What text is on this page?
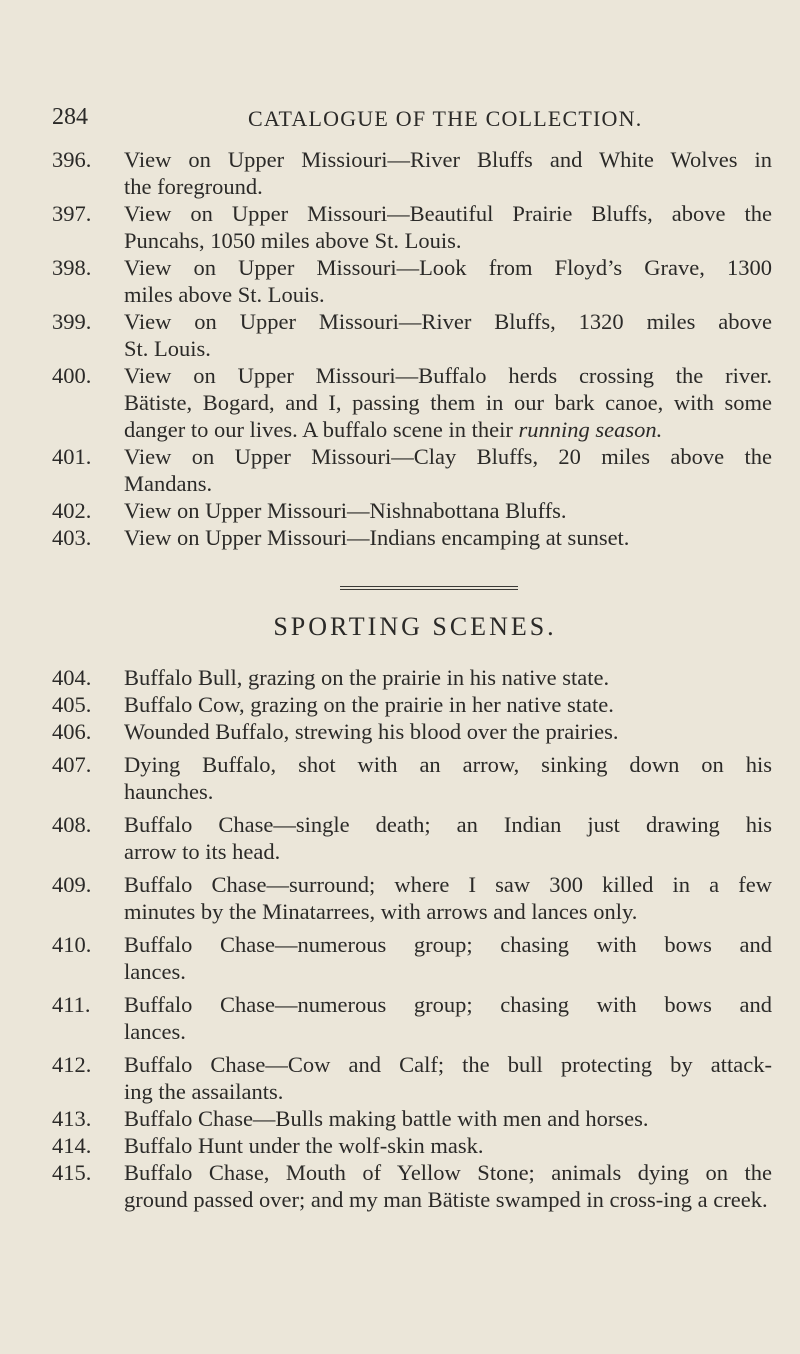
284	CATALOGUE OF THE COLLECTION.
396. View on Upper Missiouri—River Bluffs and White Wolves in
the foreground.
397. View on Upper Missouri—Beautiful Prairie Bluffs, above the
Puncahs, 1050 miles above St. Louis.
398. View on Upper Missouri—Look from Floyd’s Grave, 1300
miles above St. Louis.
399. View on Upper Missouri—River Bluffs, 1320 miles above
St. Louis.
400. View on Upper Missouri—Buffalo herds crossing the river.
Bätiste, Bogard, and I, passing them in our bark canoe, with some danger to our lives. A buffalo scene in their running season.
401. View on Upper Missouri—Clay Bluffs, 20 miles above the
Mandans.
402. View on Upper Missouri—Nishnabottana Bluffs.
403. View on Upper Missouri—Indians encamping at sunset.
SPORTING SCENES.
404. Buffalo Bull, grazing on the prairie in his native state.
405. Buffalo Cow, grazing on the prairie in her native state.
406. Wounded Buffalo, strewing his blood over the prairies.
407. Dying Buffalo, shot with an arrow, sinking down on his
haunches.
408. Buffalo Chase—single death; an Indian just drawing his
arrow to its head.
409. Buffalo Chase—surround; where I saw 300 killed in a few
minutes by the Minatarrees, with arrows and lances only.
410. Buffalo Chase—numerous group; chasing with bows and
lances.
411. Buffalo Chase—numerous group; chasing with bows and
lances.
412. Buffalo Chase—Cow and Calf; the bull protecting by attack-
ing the assailants.
413. Buffalo Chase—Bulls making battle with men and horses.
414. Buffalo Hunt under the wolf-skin mask.
415. Buffalo Chase, Mouth of Yellow Stone; animals dying on the
ground passed over; and my man Bätiste swamped in cross-ing a creek.
